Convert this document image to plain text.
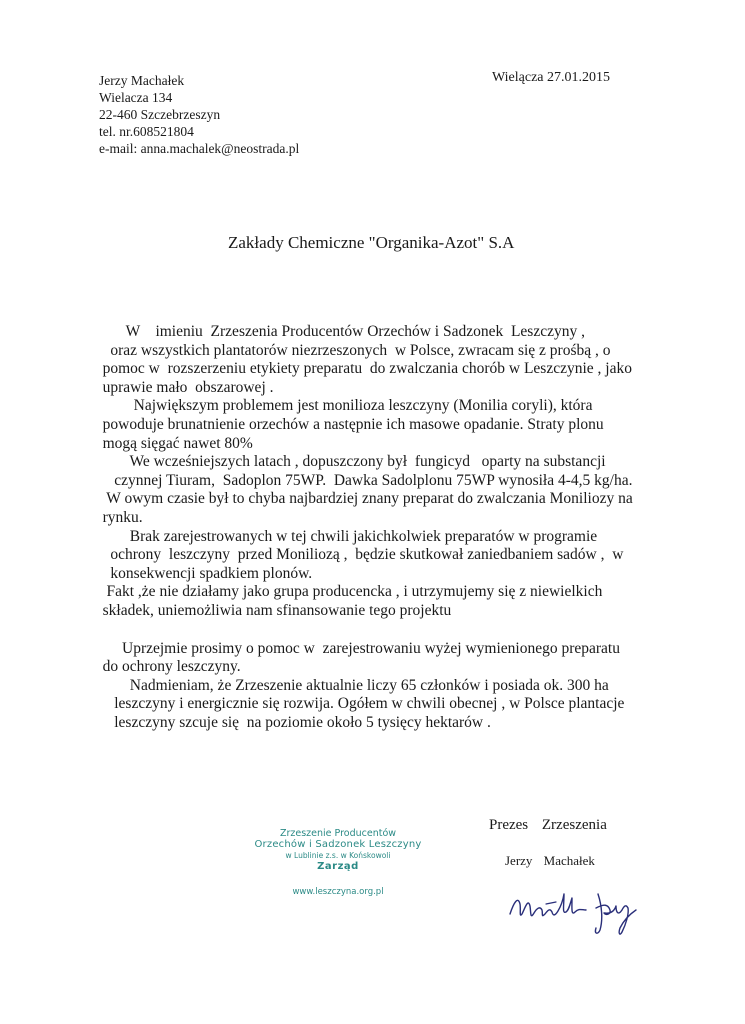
Jerzy Machałek
Wielacza 134
22-460 Szczebrzeszyn
tel. nr.608521804
e-mail: anna.machalek@neostrada.pl
Wielącza 27.01.2015
Zakłady Chemiczne "Organika-Azot" S.A
W    imieniu  Zrzeszenia Producentów Orzechów i Sadzonek  Leszczyny ,
oraz wszystkich plantatorów niezrzeszonych  w Polsce, zwracam się z prośbą , o
pomoc w  rozszerzeniu etykiety preparatu  do zwalczania chorób w Leszczynie , jako
uprawie mało  obszarowej .
Największym problemem jest monilioza leszczyny (Monilia coryli), która
powoduje brunatnienie orzechów a następnie ich masowe opadanie. Straty plonu
mogą sięgać nawet 80%
We wcześniejszych latach , dopuszczony był  fungicyd   oparty na substancji
czynnej Tiuram,  Sadoplon 75WP.  Dawka Sadolplonu 75WP wynosiła 4-4,5 kg/ha.
W owym czasie był to chyba najbardziej znany preparat do zwalczania Moniliozy na
rynku.
Brak zarejestrowanych w tej chwili jakichkolwiek preparatów w programie
ochrony  leszczyny  przed Moniliozą ,  będzie skutkował zaniedbaniem sadów ,  w
konsekwencji spadkiem plonów.
Fakt ,że nie działamy jako grupa producencka , i utrzymujemy się z niewielkich
składek, uniemożliwia nam sfinansowanie tego projektu
Uprzejmie prosimy o pomoc w  zarejestrowaniu wyżej wymienionego preparatu
do ochrony leszczyny.
Nadmieniam, że Zrzeszenie aktualnie liczy 65 członków i posiada ok. 300 ha
leszczyny i energicznie się rozwija. Ogółem w chwili obecnej , w Polsce plantacje
leszczyny szcuje się  na poziomie około 5 tysięcy hektarów .
Zrzeszenie Producentów
Orzechów i Sadzonek Leszczyny
w Lublinie z.s. w Końskowoli
Zarząd
www.leszczyna.org.pl
Prezes Zrzeszenia
Jerzy Machałek
